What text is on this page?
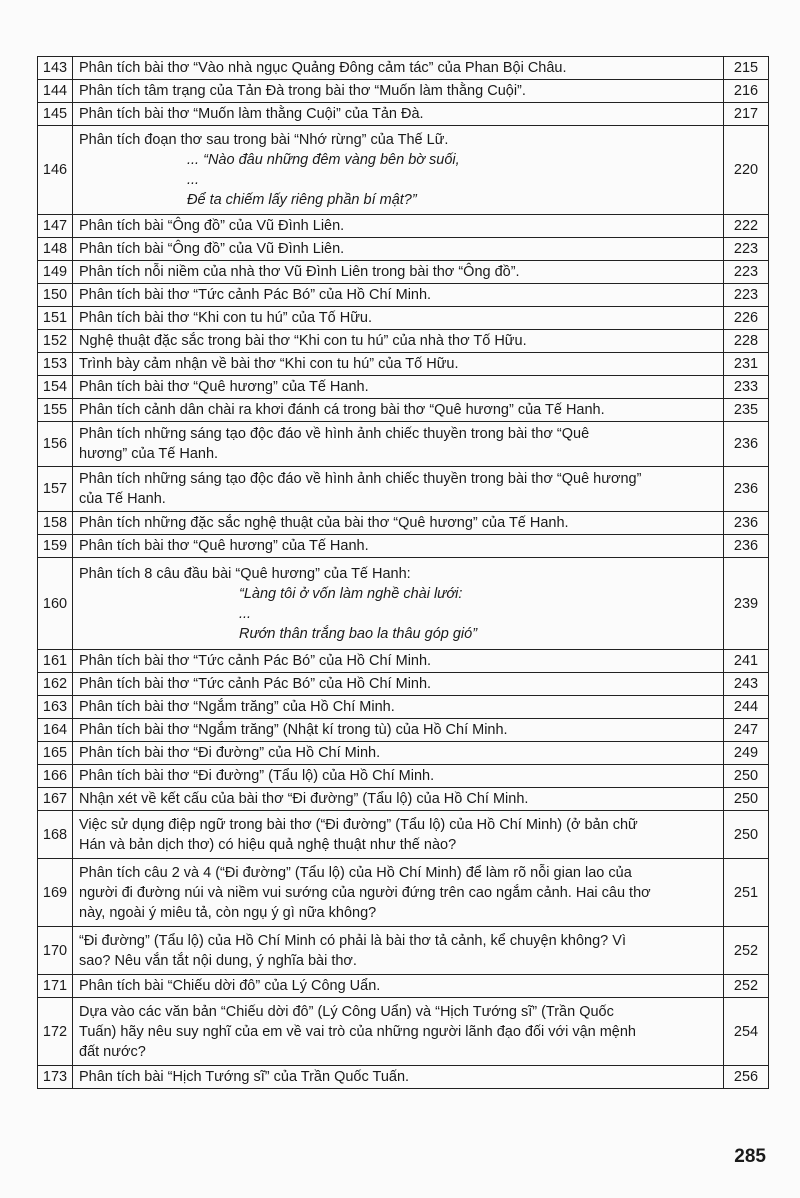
143	Phân tích bài thơ “Vào nhà ngục Quảng Đông cảm tác” của Phan Bội Châu.	215
144	Phân tích tâm trạng của Tản Đà trong bài thơ “Muốn làm thằng Cuội”.	216
145	Phân tích bài thơ “Muốn làm thằng Cuội” của Tản Đà.	217
146	Phân tích đoạn thơ sau trong bài “Nhớ rừng” của Thế Lữ.
... “Nào đâu những đêm vàng bên bờ suối,
...
Để ta chiếm lấy riêng phần bí mật?”	220
147	Phân tích bài “Ông đồ” của Vũ Đình Liên.	222
148	Phân tích bài “Ông đồ” của Vũ Đình Liên.	223
149	Phân tích nỗi niềm của nhà thơ Vũ Đình Liên trong bài thơ “Ông đồ”.	223
150	Phân tích bài thơ “Tức cảnh Pác Bó” của Hồ Chí Minh.	223
151	Phân tích bài thơ “Khi con tu hú” của Tố Hữu.	226
152	Nghệ thuật đặc sắc trong bài thơ “Khi con tu hú” của nhà thơ Tố Hữu.	228
153	Trình bày cảm nhận về bài thơ “Khi con tu hú” của Tố Hữu.	231
154	Phân tích bài thơ “Quê hương” của Tế Hanh.	233
155	Phân tích cảnh dân chài ra khơi đánh cá trong bài thơ “Quê hương” của Tế Hanh.	235
156	Phân tích những sáng tạo độc đáo về hình ảnh chiếc thuyền trong bài thơ “Quê
hương” của Tế Hanh.	236
157	Phân tích những sáng tạo độc đáo về hình ảnh chiếc thuyền trong bài thơ “Quê hương”
của Tế Hanh.	236
158	Phân tích những đặc sắc nghệ thuật của bài thơ “Quê hương” của Tế Hanh.	236
159	Phân tích bài thơ “Quê hương” của Tế Hanh.	236
160	Phân tích 8 câu đầu bài “Quê hương” của Tế Hanh:
“Làng tôi ở vốn làm nghề chài lưới:
...
Rướn thân trắng bao la thâu góp gió”	239
161	Phân tích bài thơ “Tức cảnh Pác Bó” của Hồ Chí Minh.	241
162	Phân tích bài thơ “Tức cảnh Pác Bó” của Hồ Chí Minh.	243
163	Phân tích bài thơ “Ngắm trăng” của Hồ Chí Minh.	244
164	Phân tích bài thơ “Ngắm trăng” (Nhật kí trong tù) của Hồ Chí Minh.	247
165	Phân tích bài thơ “Đi đường” của Hồ Chí Minh.	249
166	Phân tích bài thơ “Đi đường” (Tẩu lộ) của Hồ Chí Minh.	250
167	Nhận xét về kết cấu của bài thơ “Đi đường” (Tẩu lộ) của Hồ Chí Minh.	250
168	Việc sử dụng điệp ngữ trong bài thơ (“Đi đường” (Tẩu lộ) của Hồ Chí Minh) (ở bản chữ
Hán và bản dịch thơ) có hiệu quả nghệ thuật như thế nào?	250
169	Phân tích câu 2 và 4 (“Đi đường” (Tẩu lộ) của Hồ Chí Minh) để làm rõ nỗi gian lao của
người đi đường núi và niềm vui sướng của người đứng trên cao ngắm cảnh. Hai câu thơ
này, ngoài ý miêu tả, còn ngụ ý gì nữa không?	251
170	“Đi đường” (Tẩu lộ) của Hồ Chí Minh có phải là bài thơ tả cảnh, kể chuyện không? Vì
sao? Nêu vắn tắt nội dung, ý nghĩa bài thơ.	252
171	Phân tích bài “Chiếu dời đô” của Lý Công Uẩn.	252
172	Dựa vào các văn bản “Chiếu dời đô” (Lý Công Uẩn) và “Hịch Tướng sĩ” (Trần Quốc
Tuấn) hãy nêu suy nghĩ của em về vai trò của những người lãnh đạo đối với vận mệnh
đất nước?	254
173	Phân tích bài “Hịch Tướng sĩ” của Trần Quốc Tuấn.	256
285
